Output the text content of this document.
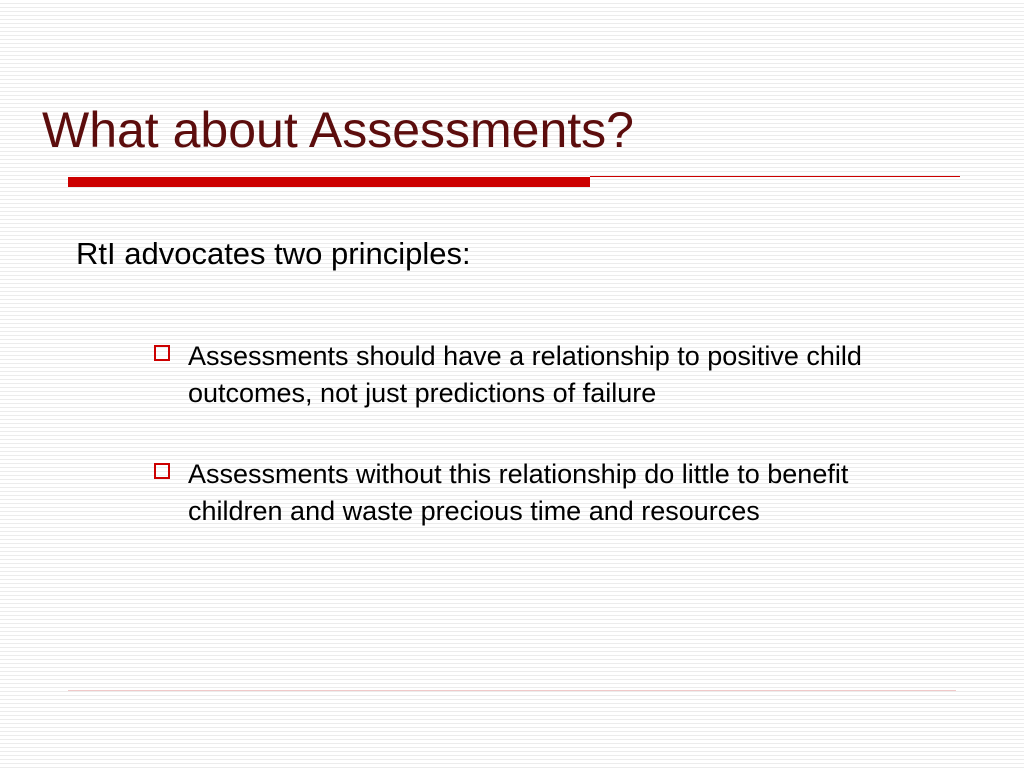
What about Assessments?
RtI advocates two principles:
Assessments should have a relationship to positive child outcomes, not just predictions of failure
Assessments without this relationship do little to benefit children and waste precious time and resources
